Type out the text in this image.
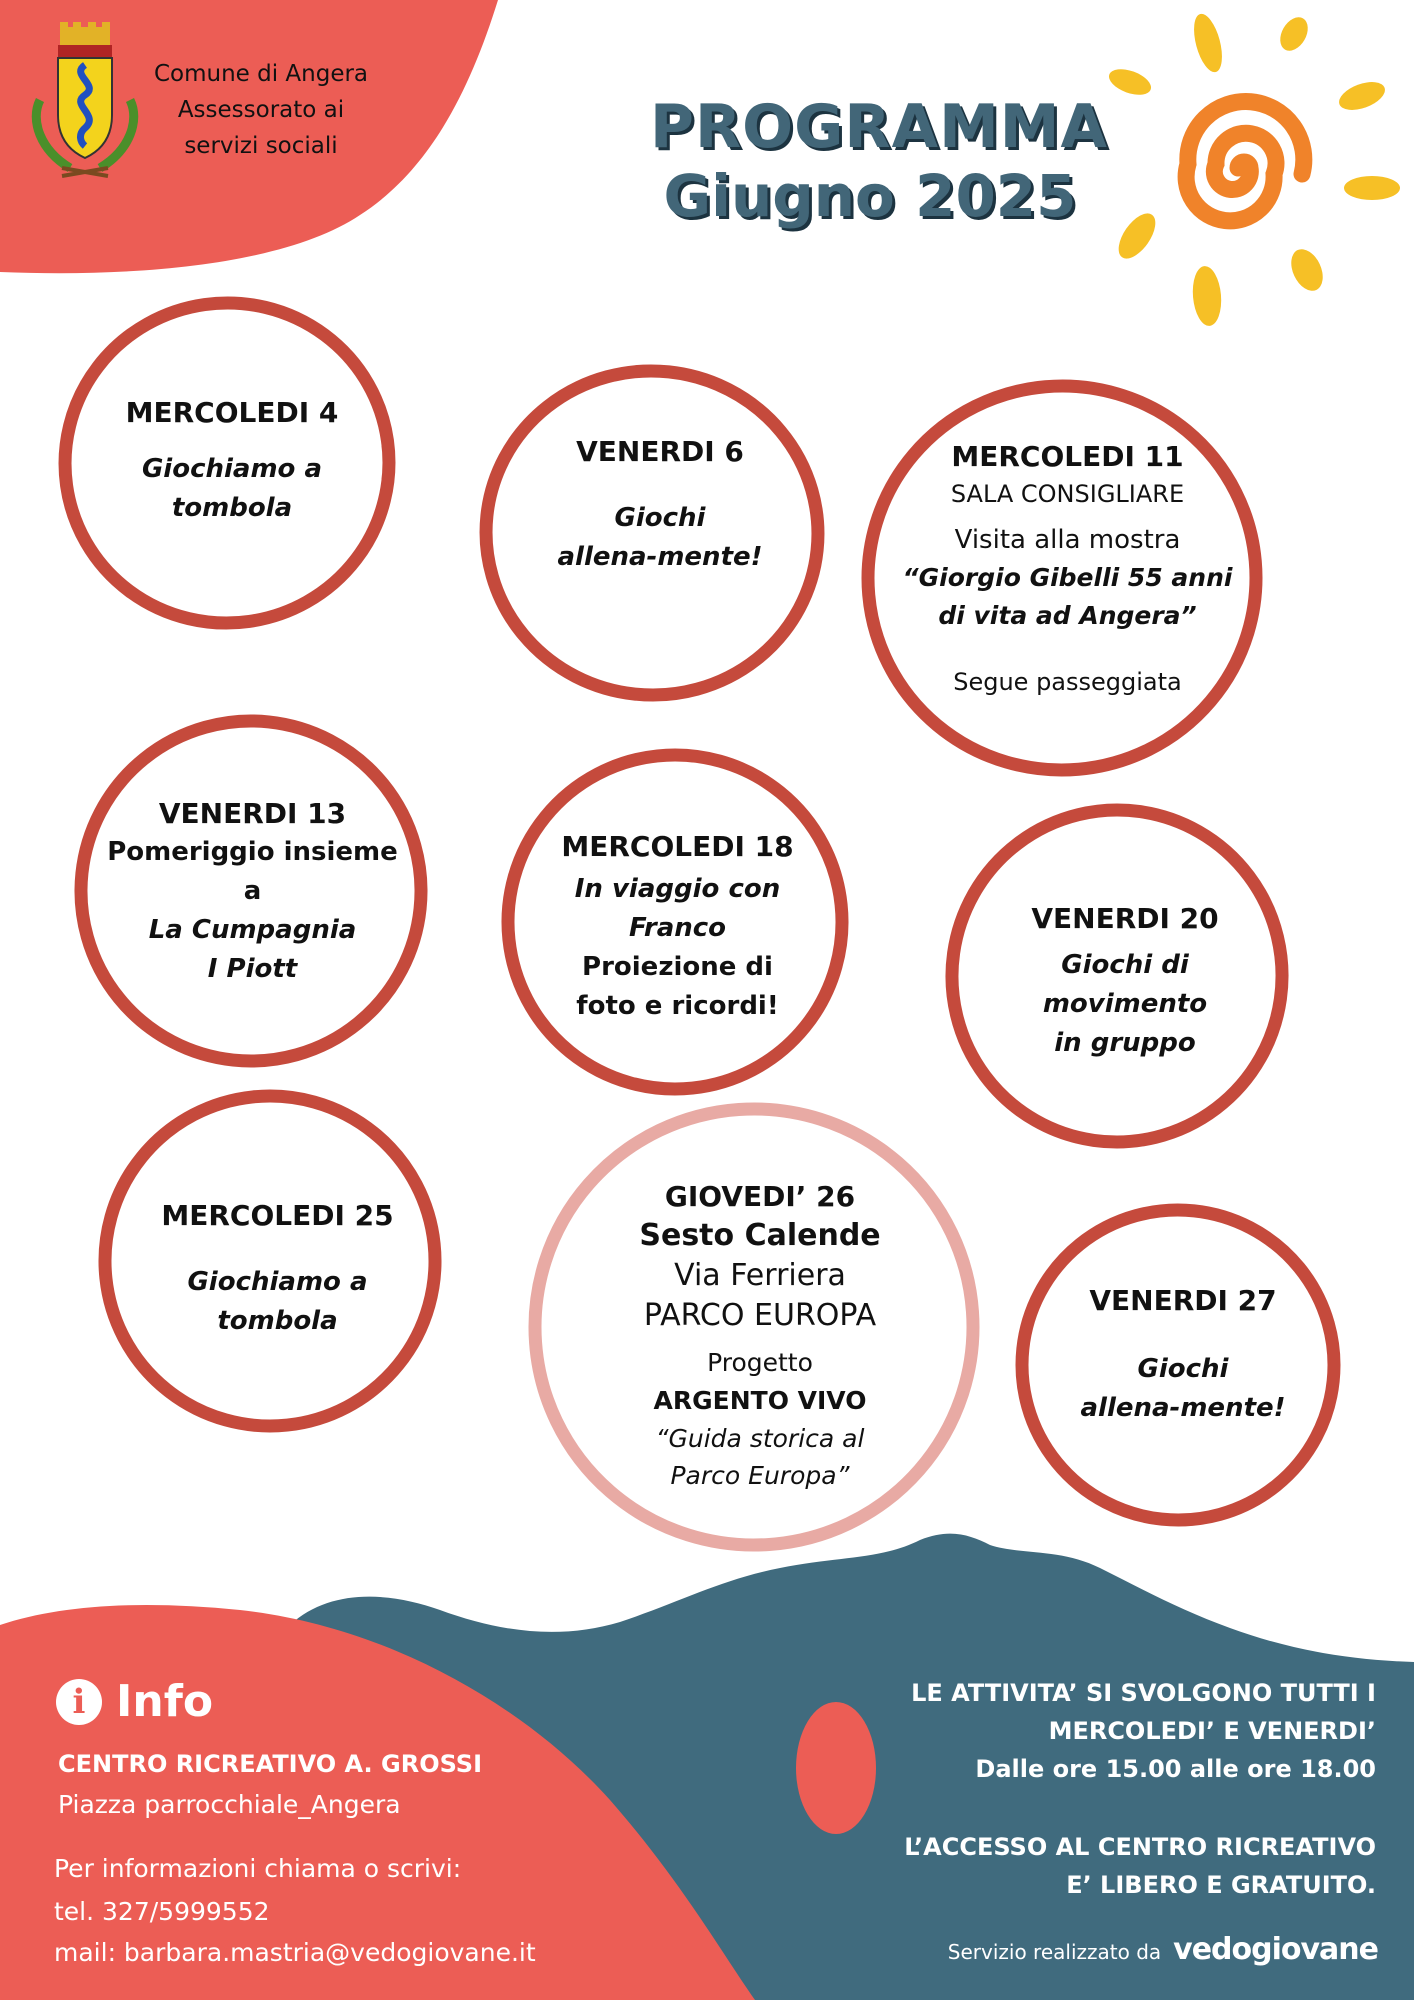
Comune di Angera
Assessorato ai
servizi sociali	PROGRAMMA
Giugno 2025
MERCOLEDI 4
Giochiamo a
tombola
VENERDI 6
Giochi
allena-mente!
MERCOLEDI 11
SALA CONSIGLIARE
Visita alla mostra
“Giorgio Gibelli 55 anni
di vita ad Angera”
Segue passeggiata
VENERDI 13
Pomeriggio insieme
a
La Cumpagnia
I Piott
MERCOLEDI 18
In viaggio con
Franco
Proiezione di
foto e ricordi!
VENERDI 20
Giochi di
movimento
in gruppo
MERCOLEDI 25
Giochiamo a
tombola
GIOVEDI’ 26
Sesto Calende
Via Ferriera
PARCO EUROPA
Progetto
ARGENTO VIVO
“Guida storica al
Parco Europa”
VENERDI 27
Giochi
allena-mente!
i Info
CENTRO RICREATIVO A. GROSSI
Piazza parrocchiale_Angera
Per informazioni chiama o scrivi:
tel. 327/5999552
mail: barbara.mastria@vedogiovane.it
LE ATTIVITA’ SI SVOLGONO TUTTI I
MERCOLEDI’ E VENERDI’
Dalle ore 15.00 alle ore 18.00
L’ACCESSO AL CENTRO RICREATIVO
E’ LIBERO E GRATUITO.
Servizio realizzato da vedogiovane
